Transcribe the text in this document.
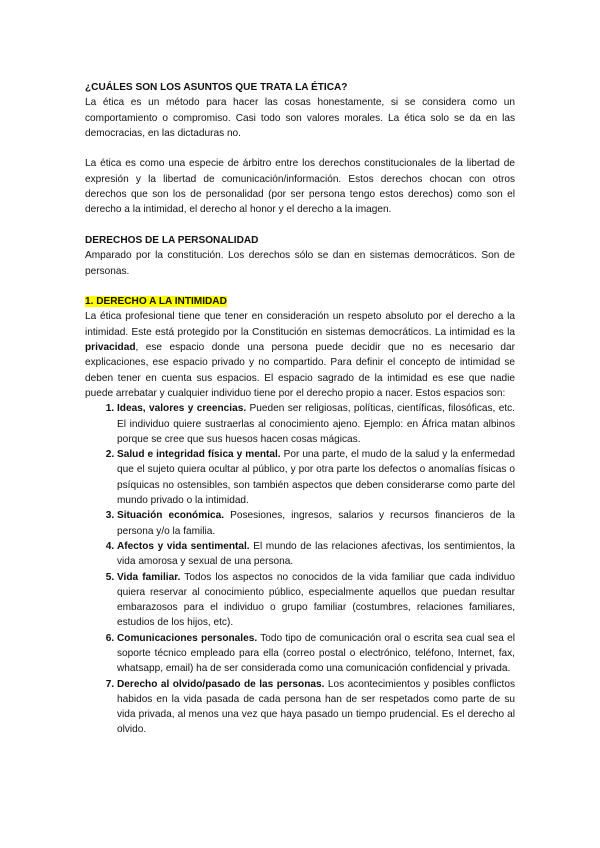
¿CUÁLES SON LOS ASUNTOS QUE TRATA LA ÉTICA?

La ética es un método para hacer las cosas honestamente, si se considera como un comportamiento o compromiso. Casi todo son valores morales. La ética solo se da en las democracias, en las dictaduras no.

La ética es como una especie de árbitro entre los derechos constitucionales de la libertad de expresión y la libertad de comunicación/información. Estos derechos chocan con otros derechos que son los de personalidad (por ser persona tengo estos derechos) como son el derecho a la intimidad, el derecho al honor y el derecho a la imagen.

DERECHOS DE LA PERSONALIDAD

Amparado por la constitución. Los derechos sólo se dan en sistemas democráticos. Son de personas.

1. DERECHO A LA INTIMIDAD

La ética profesional tiene que tener en consideración un respeto absoluto por el derecho a la intimidad. Este está protegido por la Constitución en sistemas democráticos. La intimidad es la privacidad, ese espacio donde una persona puede decidir que no es necesario dar explicaciones, ese espacio privado y no compartido. Para definir el concepto de intimidad se deben tener en cuenta sus espacios. El espacio sagrado de la intimidad es ese que nadie puede arrebatar y cualquier individuo tiene por el derecho propio a nacer. Estos espacios son:

1. Ideas, valores y creencias. Pueden ser religiosas, políticas, científicas, filosóficas, etc. El individuo quiere sustraerlas al conocimiento ajeno. Ejemplo: en África matan albinos porque se cree que sus huesos hacen cosas mágicas.
2. Salud e integridad física y mental. Por una parte, el mudo de la salud y la enfermedad que el sujeto quiera ocultar al público, y por otra parte los defectos o anomalías físicas o psíquicas no ostensibles, son también aspectos que deben considerarse como parte del mundo privado o la intimidad.
3. Situación económica. Posesiones, ingresos, salarios y recursos financieros de la persona y/o la familia.
4. Afectos y vida sentimental. El mundo de las relaciones afectivas, los sentimientos, la vida amorosa y sexual de una persona.
5. Vida familiar. Todos los aspectos no conocidos de la vida familiar que cada individuo quiera reservar al conocimiento público, especialmente aquellos que puedan resultar embarazosos para el individuo o grupo familiar (costumbres, relaciones familiares, estudios de los hijos, etc).
6. Comunicaciones personales. Todo tipo de comunicación oral o escrita sea cual sea el soporte técnico empleado para ella (correo postal o electrónico, teléfono, Internet, fax, whatsapp, email) ha de ser considerada como una comunicación confidencial y privada.
7. Derecho al olvido/pasado de las personas. Los acontecimientos y posibles conflictos habidos en la vida pasada de cada persona han de ser respetados como parte de su vida privada, al menos una vez que haya pasado un tiempo prudencial. Es el derecho al olvido.
